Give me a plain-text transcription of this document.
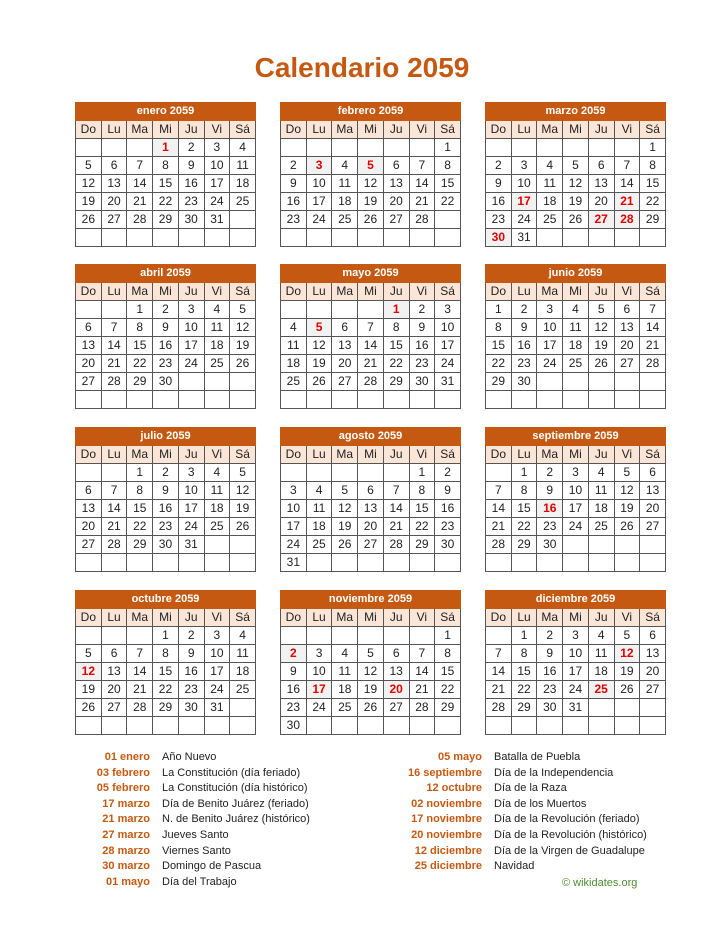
Calendario 2059
enero 2059						
Do	Lu	Ma	Mi	Ju	Vi	Sá
			1	2	3	4
5	6	7	8	9	10	11
12	13	14	15	16	17	18
19	20	21	22	23	24	25
26	27	28	29	30	31	

febrero 2059						
Do	Lu	Ma	Mi	Ju	Vi	Sá
						1
2	3	4	5	6	7	8
9	10	11	12	13	14	15
16	17	18	19	20	21	22
23	24	25	26	27	28	

marzo 2059						
Do	Lu	Ma	Mi	Ju	Vi	Sá
						1
2	3	4	5	6	7	8
9	10	11	12	13	14	15
16	17	18	19	20	21	22
23	24	25	26	27	28	29
30	31					
abril 2059						
Do	Lu	Ma	Mi	Ju	Vi	Sá
		1	2	3	4	5
6	7	8	9	10	11	12
13	14	15	16	17	18	19
20	21	22	23	24	25	26
27	28	29	30			

mayo 2059						
Do	Lu	Ma	Mi	Ju	Vi	Sá
				1	2	3
4	5	6	7	8	9	10
11	12	13	14	15	16	17
18	19	20	21	22	23	24
25	26	27	28	29	30	31

junio 2059						
Do	Lu	Ma	Mi	Ju	Vi	Sá
1	2	3	4	5	6	7
8	9	10	11	12	13	14
15	16	17	18	19	20	21
22	23	24	25	26	27	28
29	30					

julio 2059						
Do	Lu	Ma	Mi	Ju	Vi	Sá
		1	2	3	4	5
6	7	8	9	10	11	12
13	14	15	16	17	18	19
20	21	22	23	24	25	26
27	28	29	30	31		

agosto 2059						
Do	Lu	Ma	Mi	Ju	Vi	Sá
					1	2
3	4	5	6	7	8	9
10	11	12	13	14	15	16
17	18	19	20	21	22	23
24	25	26	27	28	29	30
31						
septiembre 2059						
Do	Lu	Ma	Mi	Ju	Vi	Sá
	1	2	3	4	5	6
7	8	9	10	11	12	13
14	15	16	17	18	19	20
21	22	23	24	25	26	27
28	29	30				

octubre 2059						
Do	Lu	Ma	Mi	Ju	Vi	Sá
			1	2	3	4
5	6	7	8	9	10	11
12	13	14	15	16	17	18
19	20	21	22	23	24	25
26	27	28	29	30	31	

noviembre 2059						
Do	Lu	Ma	Mi	Ju	Vi	Sá
						1
2	3	4	5	6	7	8
9	10	11	12	13	14	15
16	17	18	19	20	21	22
23	24	25	26	27	28	29
30						
diciembre 2059						
Do	Lu	Ma	Mi	Ju	Vi	Sá
	1	2	3	4	5	6
7	8	9	10	11	12	13
14	15	16	17	18	19	20
21	22	23	24	25	26	27
28	29	30	31			

01 enero Año Nuevo
03 febrero La Constitución (día feriado)
05 febrero La Constitución (día histórico)
17 marzo Día de Benito Juárez (feriado)
21 marzo N. de Benito Juárez (histórico)
27 marzo Jueves Santo
28 marzo Viernes Santo
30 marzo Domingo de Pascua
01 mayo Día del Trabajo
05 mayo Batalla de Puebla
16 septiembre Día de la Independencia
12 octubre Día de la Raza
02 noviembre Día de los Muertos
17 noviembre Día de la Revolución (feriado)
20 noviembre Día de la Revolución (histórico)
12 diciembre Día de la Virgen de Guadalupe
25 diciembre Navidad
© wikidates.org
